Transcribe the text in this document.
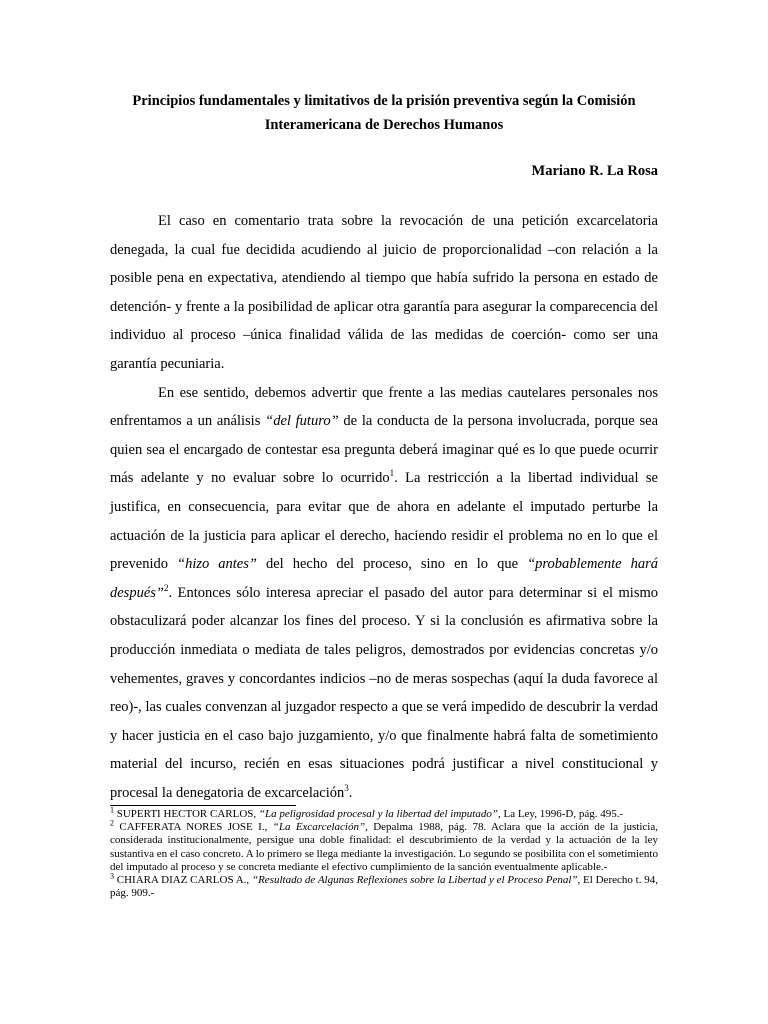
Principios fundamentales y limitativos de la prisión preventiva según la Comisión
Interamericana de Derechos Humanos
Mariano R. La Rosa

El caso en comentario trata sobre la revocación de una petición excarcelatoria denegada, la cual fue decidida acudiendo al juicio de proporcionalidad –con relación a la posible pena en expectativa, atendiendo al tiempo que había sufrido la persona en estado de detención- y frente a la posibilidad de aplicar otra garantía para asegurar la comparecencia del individuo al proceso –única finalidad válida de las medidas de coerción- como ser una garantía pecuniaria.

En ese sentido, debemos advertir que frente a las medias cautelares personales nos enfrentamos a un análisis “del futuro” de la conducta de la persona involucrada, porque sea quien sea el encargado de contestar esa pregunta deberá imaginar qué es lo que puede ocurrir más adelante y no evaluar sobre lo ocurrido$^1$. La restricción a la libertad individual se justifica, en consecuencia, para evitar que de ahora en adelante el imputado perturbe la actuación de la justicia para aplicar el derecho, haciendo residir el problema no en lo que el prevenido “hizo antes” del hecho del proceso, sino en lo que “probablemente hará después”$^2$. Entonces sólo interesa apreciar el pasado del autor para determinar si el mismo obstaculizará poder alcanzar los fines del proceso. Y si la conclusión es afirmativa sobre la producción inmediata o mediata de tales peligros, demostrados por evidencias concretas y/o vehementes, graves y concordantes indicios –no de meras sospechas (aquí la duda favorece al reo)-, las cuales convenzan al juzgador respecto a que se verá impedido de descubrir la verdad y hacer justicia en el caso bajo juzgamiento, y/o que finalmente habrá falta de sometimiento material del incurso, recién en esas situaciones podrá justificar a nivel constitucional y procesal la denegatoria de excarcelación$^3$.

$^1$ SUPERTI HECTOR CARLOS, “La peligrosidad procesal y la libertad del imputado”, La Ley, 1996-D, pág. 495.-

$^2$ CAFFERATA NORES JOSE I., “La Excarcelación”, Depalma 1988, pág. 78. Aclara que la acción de la justicia, considerada institucionalmente, persigue una doble finalidad: el descubrimiento de la verdad y la actuación de la ley sustantiva en el caso concreto. A lo primero se llega mediante la investigación. Lo segundo se posibilita con el sometimiento del imputado al proceso y se concreta mediante el efectivo cumplimiento de la sanción eventualmente aplicable.-

$^3$ CHIARA DIAZ CARLOS A., “Resultado de Algunas Reflexiones sobre la Libertad y el Proceso Penal”, El Derecho t. 94, pág. 909.-
